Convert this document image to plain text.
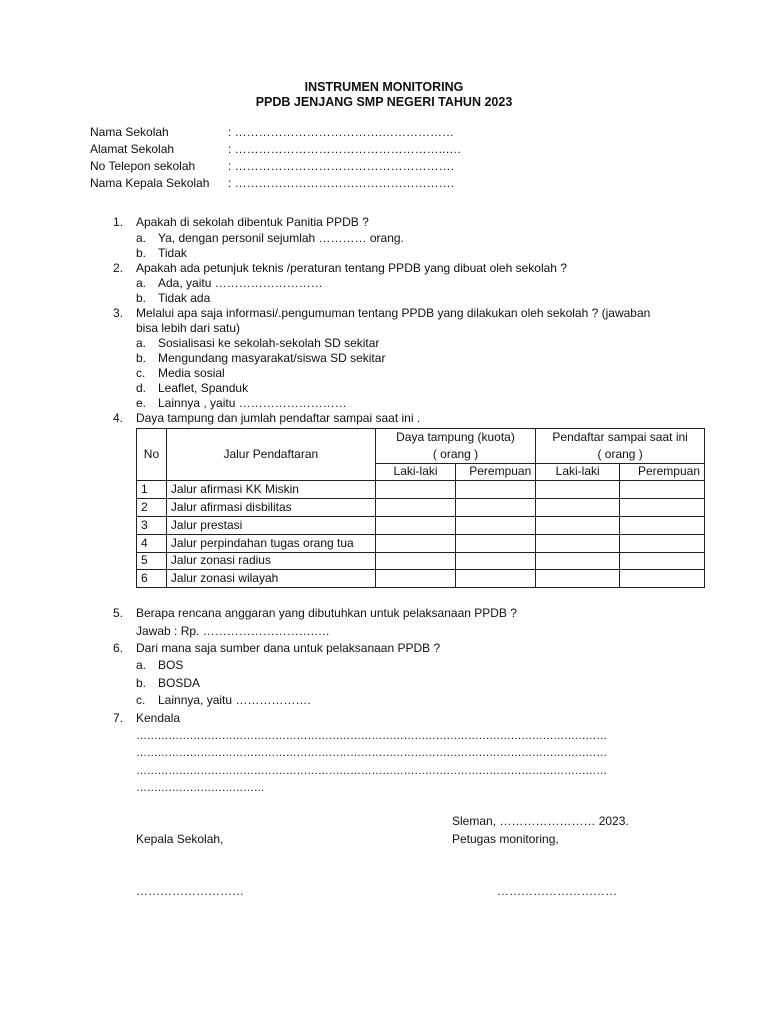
INSTRUMEN MONITORING
PPDB JENJANG SMP NEGERI TAHUN 2023
Nama Sekolah	: ……………………………….………………
Alamat Sekolah	: ……………………………………………..….
No Telepon sekolah	: ……………………………………………….
Nama Kepala Sekolah : ……………………………………………….
1. Apakah di sekolah dibentuk Panitia PPDB ?
a. Ya, dengan personil sejumlah ………… orang.
b. Tidak
2. Apakah ada petunjuk teknis /peraturan tentang PPDB yang dibuat oleh sekolah ?
a. Ada, yaitu ………………………
b. Tidak ada
3. Melalui apa saja informasi/.pengumuman tentang PPDB yang dilakukan oleh sekolah ? (jawaban
bisa lebih dari satu)
a. Sosialisasi ke sekolah-sekolah SD sekitar
b. Mengundang masyarakat/siswa SD sekitar
c. Media sosial
d. Leaflet, Spanduk
e. Lainnya , yaitu ………………………
4. Daya tampung dan jumlah pendaftar sampai saat ini .
No	Jalur Pendaftaran	Daya tampung (kuota)		Pendaftar sampai saat ini	
		( orang )		( orang )	
		Laki-laki	Perempuan	Laki-laki	Perempuan
1	Jalur afirmasi KK Miskin				
2	Jalur afirmasi disbilitas				
3	Jalur prestasi				
4	Jalur perpindahan tugas orang tua				
5	Jalur zonasi radius				
6	Jalur zonasi wilayah				
5. Berapa rencana anggaran yang dibutuhkan untuk pelaksanaan PPDB ?
Jawab : Rp. ……………………….….
6. Dari mana saja sumber dana untuk pelaksanaan PPDB ?
a. BOS
b. BOSDA
c. Lainnya, yaitu ……………….
7. Kendala
……………………………………………………………………………………………………………………
……………………………………………………………………………………………………………………
……………………………………………………………………………………………………………………
………………………………
Sleman, …………………… 2023.
Kepala Sekolah,	Petugas monitoring,
………………………	…………………………
